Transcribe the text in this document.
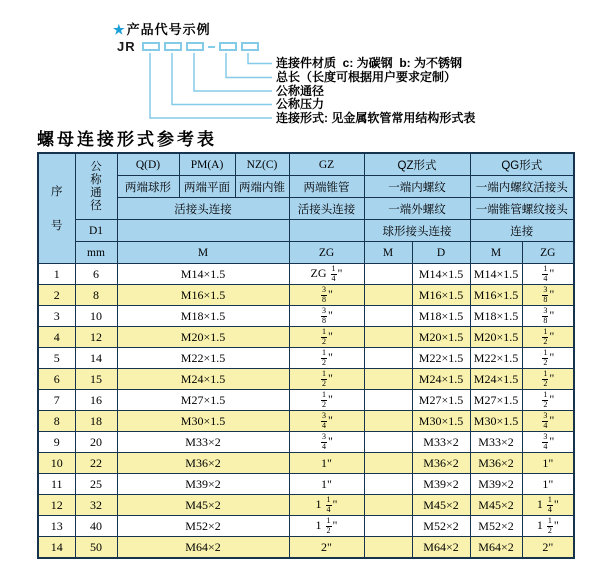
★产品代号示例
JR
连接件材质  c: 为碳钢  b: 为不锈钢
总长（长度可根据用户要求定制）
公称通径
公称压力
连接形式: 见金属软管常用结构形式表
螺母连接形式参考表
序
号	公
称
通
径	Q(D)	PM(A)	NZ(C)	GZ	QZ形式		QG形式	
		两端球形	两端平面	两端内锥	两端锥管	一端内螺纹		一端内螺纹活接头	
		活接头连接			活接头连接	一端外螺纹		一端锥管螺纹接头	
	D1					球形接头连接		连接	
	mm	M			ZG	M	D	M	ZG
1	6	M14×1.5			ZG $\frac{1}{4}$ "		M14×1.5	M14×1.5	$\frac{1}{4}$ "
2	8	M16×1.5			$\frac{3}{8}$ "		M16×1.5	M16×1.5	$\frac{3}{8}$ "
3	10	M18×1.5			$\frac{3}{8}$ "		M18×1.5	M18×1.5	$\frac{3}{8}$ "
4	12	M20×1.5			$\frac{1}{2}$ "		M20×1.5	M20×1.5	$\frac{1}{2}$ "
5	14	M22×1.5			$\frac{1}{2}$ "		M22×1.5	M22×1.5	$\frac{1}{2}$ "
6	15	M24×1.5			$\frac{1}{2}$ "		M24×1.5	M24×1.5	$\frac{1}{2}$ "
7	16	M27×1.5			$\frac{1}{2}$ "		M27×1.5	M27×1.5	$\frac{1}{2}$ "
8	18	M30×1.5			$\frac{3}{4}$ "		M30×1.5	M30×1.5	$\frac{3}{4}$ "
9	20	M33×2			$\frac{3}{4}$ "		M33×2	M33×2	$\frac{3}{4}$ "
10	22	M36×2			1"		M36×2	M36×2	1"
11	25	M39×2			1"		M39×2	M39×2	1"
12	32	M45×2			$1 \frac{1}{4}$ "		M45×2	M45×2	$1 \frac{1}{4}$ "
13	40	M52×2			$1 \frac{1}{2}$ "		M52×2	M52×2	$1 \frac{1}{2}$ "
14	50	M64×2			2"		M64×2	M64×2	2"
